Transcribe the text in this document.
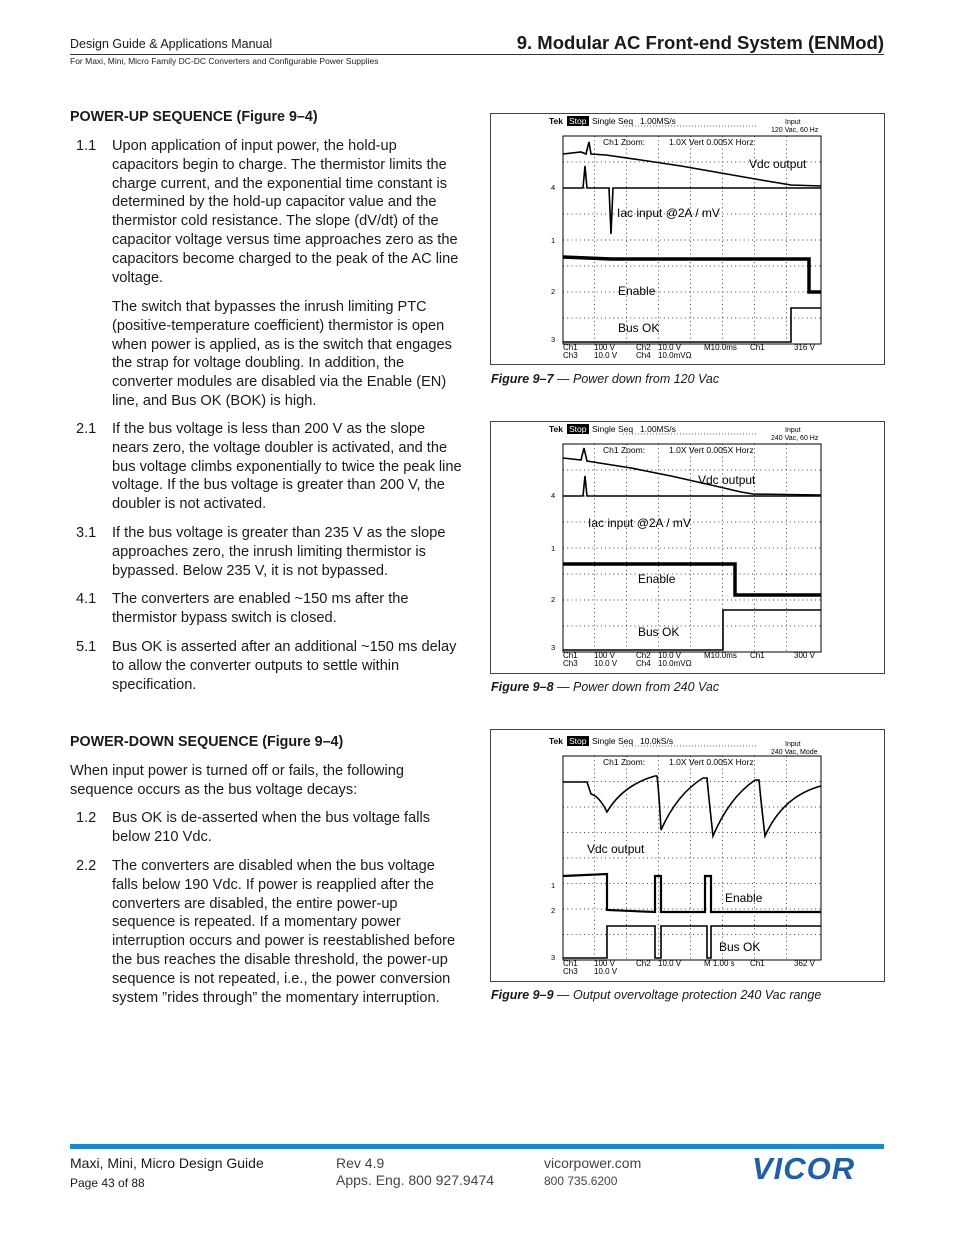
Design Guide & Applications Manual	9. Modular AC Front-end System (ENMod)
For Maxi, Mini, Micro Family DC-DC Converters and Configurable Power Supplies
POWER-UP SEQUENCE (Figure 9–4)
1.1 Upon application of input power, the hold-up capacitors begin to charge. The thermistor limits the charge current, and the exponential time constant is determined by the hold-up capacitor value and the thermistor cold resistance. The slope (dV/dt) of the capacitor voltage versus time approaches zero as the capacitors become charged to the peak of the AC line voltage.
The switch that bypasses the inrush limiting PTC (positive-temperature coefficient) thermistor is open when power is applied, as is the switch that engages the strap for voltage doubling. In addition, the converter modules are disabled via the Enable (EN) line, and Bus OK (BOK) is high.
2.1 If the bus voltage is less than 200 V as the slope nears zero, the voltage doubler is activated, and the bus voltage climbs exponentially to twice the peak line voltage. If the bus voltage is greater than 200 V, the doubler is not activated.
3.1 If the bus voltage is greater than 235 V as the slope approaches zero, the inrush limiting thermistor is bypassed. Below 235 V, it is not bypassed.
4.1 The converters are enabled ~150 ms after the thermistor bypass switch is closed.
5.1 Bus OK is asserted after an additional ~150 ms delay to allow the converter outputs to settle within specification.
POWER-DOWN SEQUENCE (Figure 9–4)
When input power is turned off or fails, the following sequence occurs as the bus voltage decays:
1.2 Bus OK is de-asserted when the bus voltage falls below 210 Vdc.
2.2 The converters are disabled when the bus voltage falls below 190 Vdc. If power is reapplied after the converters are disabled, the entire power-up sequence is repeated. If a momentary power interruption occurs and power is reestablished before the bus reaches the disable threshold, the power-up sequence is not repeated, i.e., the power conversion system ”rides through” the momentary interruption.
Tek Stop Single Seq 1.00MS/s	Input
120 Vac, 60 Hz
Ch1 Zoom:	1.0X Vert 0.005X Horz
Vdc output
Iac input @2A / mV
Enable
Bus OK
4
1
2
3
Ch1 100 V	Ch2 10.0 V	M10.0ms Ch1	316 V
Ch3 10.0 V Ch4 10.0mVΩ
Figure 9–7 — Power down from 120 Vac
Tek Stop Single Seq 1.00MS/s	Input
240 Vac, 60 Hz
Ch1 Zoom:	1.0X Vert 0.005X Horz
Vdc output
Iac input @2A / mV
Enable
Bus OK
4
1
2
3
Ch1 100 V	Ch2 10.0 V	M10.0ms Ch1	300 V
Ch3 10.0 V Ch4 10.0mVΩ
Figure 9–8 — Power down from 240 Vac
Tek Stop Single Seq 10.0kS/s	Input
240 Vac, Mode
Ch1 Zoom:	1.0X Vert 0.005X Horz
Vdc output
Enable
Bus OK
1
2
3
Ch1 100 V	Ch2 10.0 V	M 1.00 s Ch1	362 V
Ch3 10.0 V
Figure 9–9 — Output overvoltage protection 240 Vac range
Maxi, Mini, Micro Design Guide
Page 43 of 88
Rev 4.9
Apps. Eng. 800 927.9474
vicorpower.com
800 735.6200	VICOR
